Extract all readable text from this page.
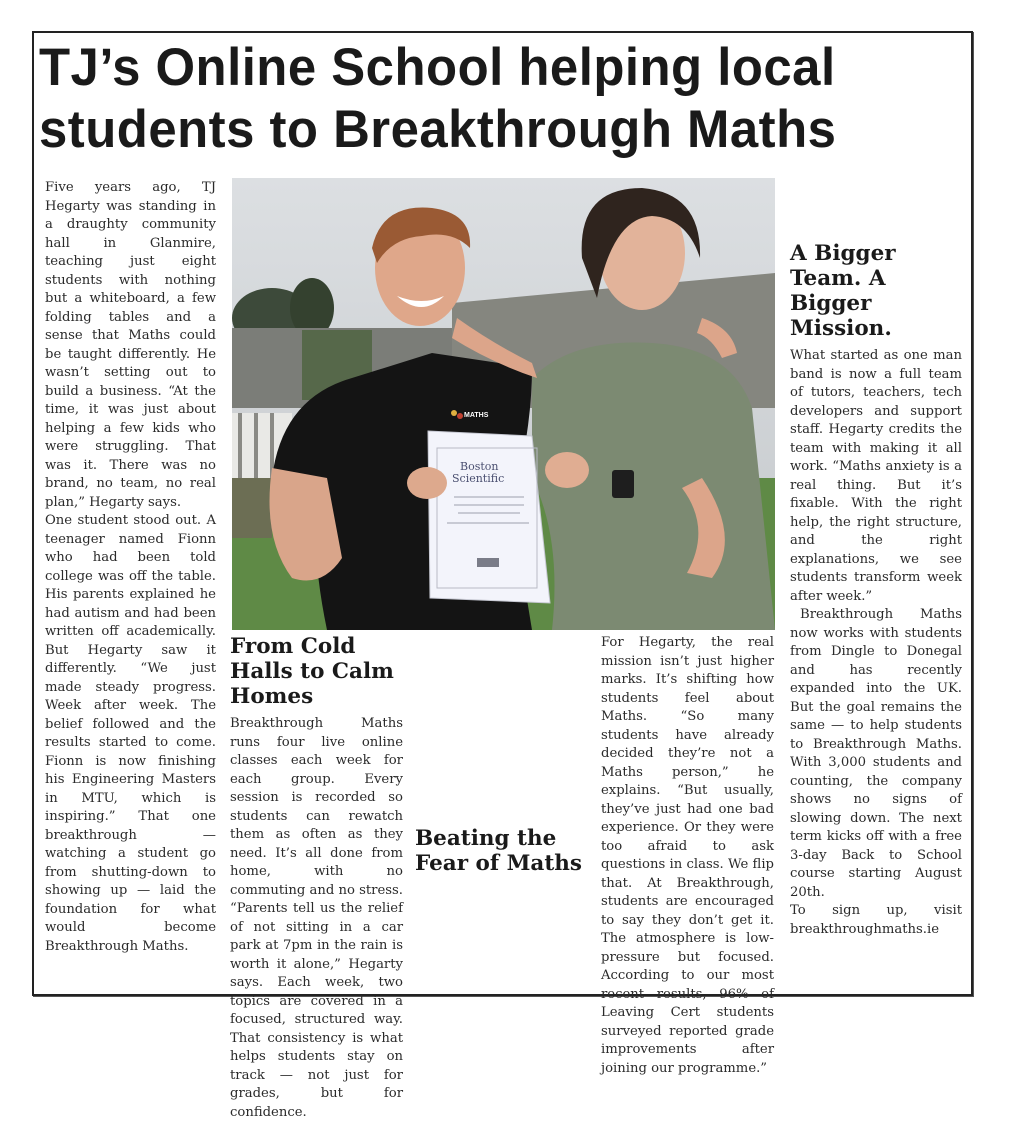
TJ’s Online School helping local
students to Breakthrough Maths
MATHS
Boston
Scientific

Five years ago, TJ Hegarty was standing in a draughty community hall in Glanmire, teaching just eight students with nothing but a whiteboard, a few folding tables and a sense that Maths could be taught differently. He wasn’t setting out to build a business. “At the time, it was just about helping a few kids who were struggling. That was it. There was no brand, no team, no real plan,” Hegarty says.

One student stood out. A teenager named Fionn who had been told college was off the table. His parents explained he had autism and had been written off academically. But Hegarty saw it differently. “We just made steady progress. Week after week. The belief followed and the results started to come. Fionn is now finishing his Engineering Masters in MTU, which is inspiring.” That one breakthrough — watching a student go from shutting-down to showing up — laid the foundation for what would become Breakthrough Maths.

From Cold Halls to Calm Homes

Breakthrough Maths runs four live online classes each week for each group. Every session is recorded so students can rewatch them as often as they need. It’s all done from home, with no commuting and no stress. “Parents tell us the relief of not sitting in a car park at 7pm in the rain is worth it alone,” Hegarty says. Each week, two topics are covered in a focused, structured way. That consistency is what helps students stay on track — not just for grades, but for confidence.

Beating the Fear of Maths

For Hegarty, the real mission isn’t just higher marks. It’s shifting how students feel about Maths. “So many students have already decided they’re not a Maths person,” he explains. “But usually, they’ve just had one bad experience. Or they were too afraid to ask questions in class. We flip that. At Breakthrough, students are encouraged to say they don’t get it. The atmosphere is low-pressure but focused. According to our most recent results, 96% of Leaving Cert students surveyed reported grade improvements after joining our programme.”

A Bigger Team. A Bigger Mission.

What started as one man band is now a full team of tutors, teachers, tech developers and support staff. Hegarty credits the team with making it all work. “Maths anxiety is a real thing. But it’s fixable. With the right help, the right structure, and the right explanations, we see students transform week after week.”

Breakthrough Maths now works with students from Dingle to Donegal and has recently expanded into the UK. But the goal remains the same — to help students to Breakthrough Maths. With 3,000 students and counting, the company shows no signs of slowing down. The next term kicks off with a free 3-day Back to School course starting August 20th.

To sign up, visit breakthroughmaths.ie
